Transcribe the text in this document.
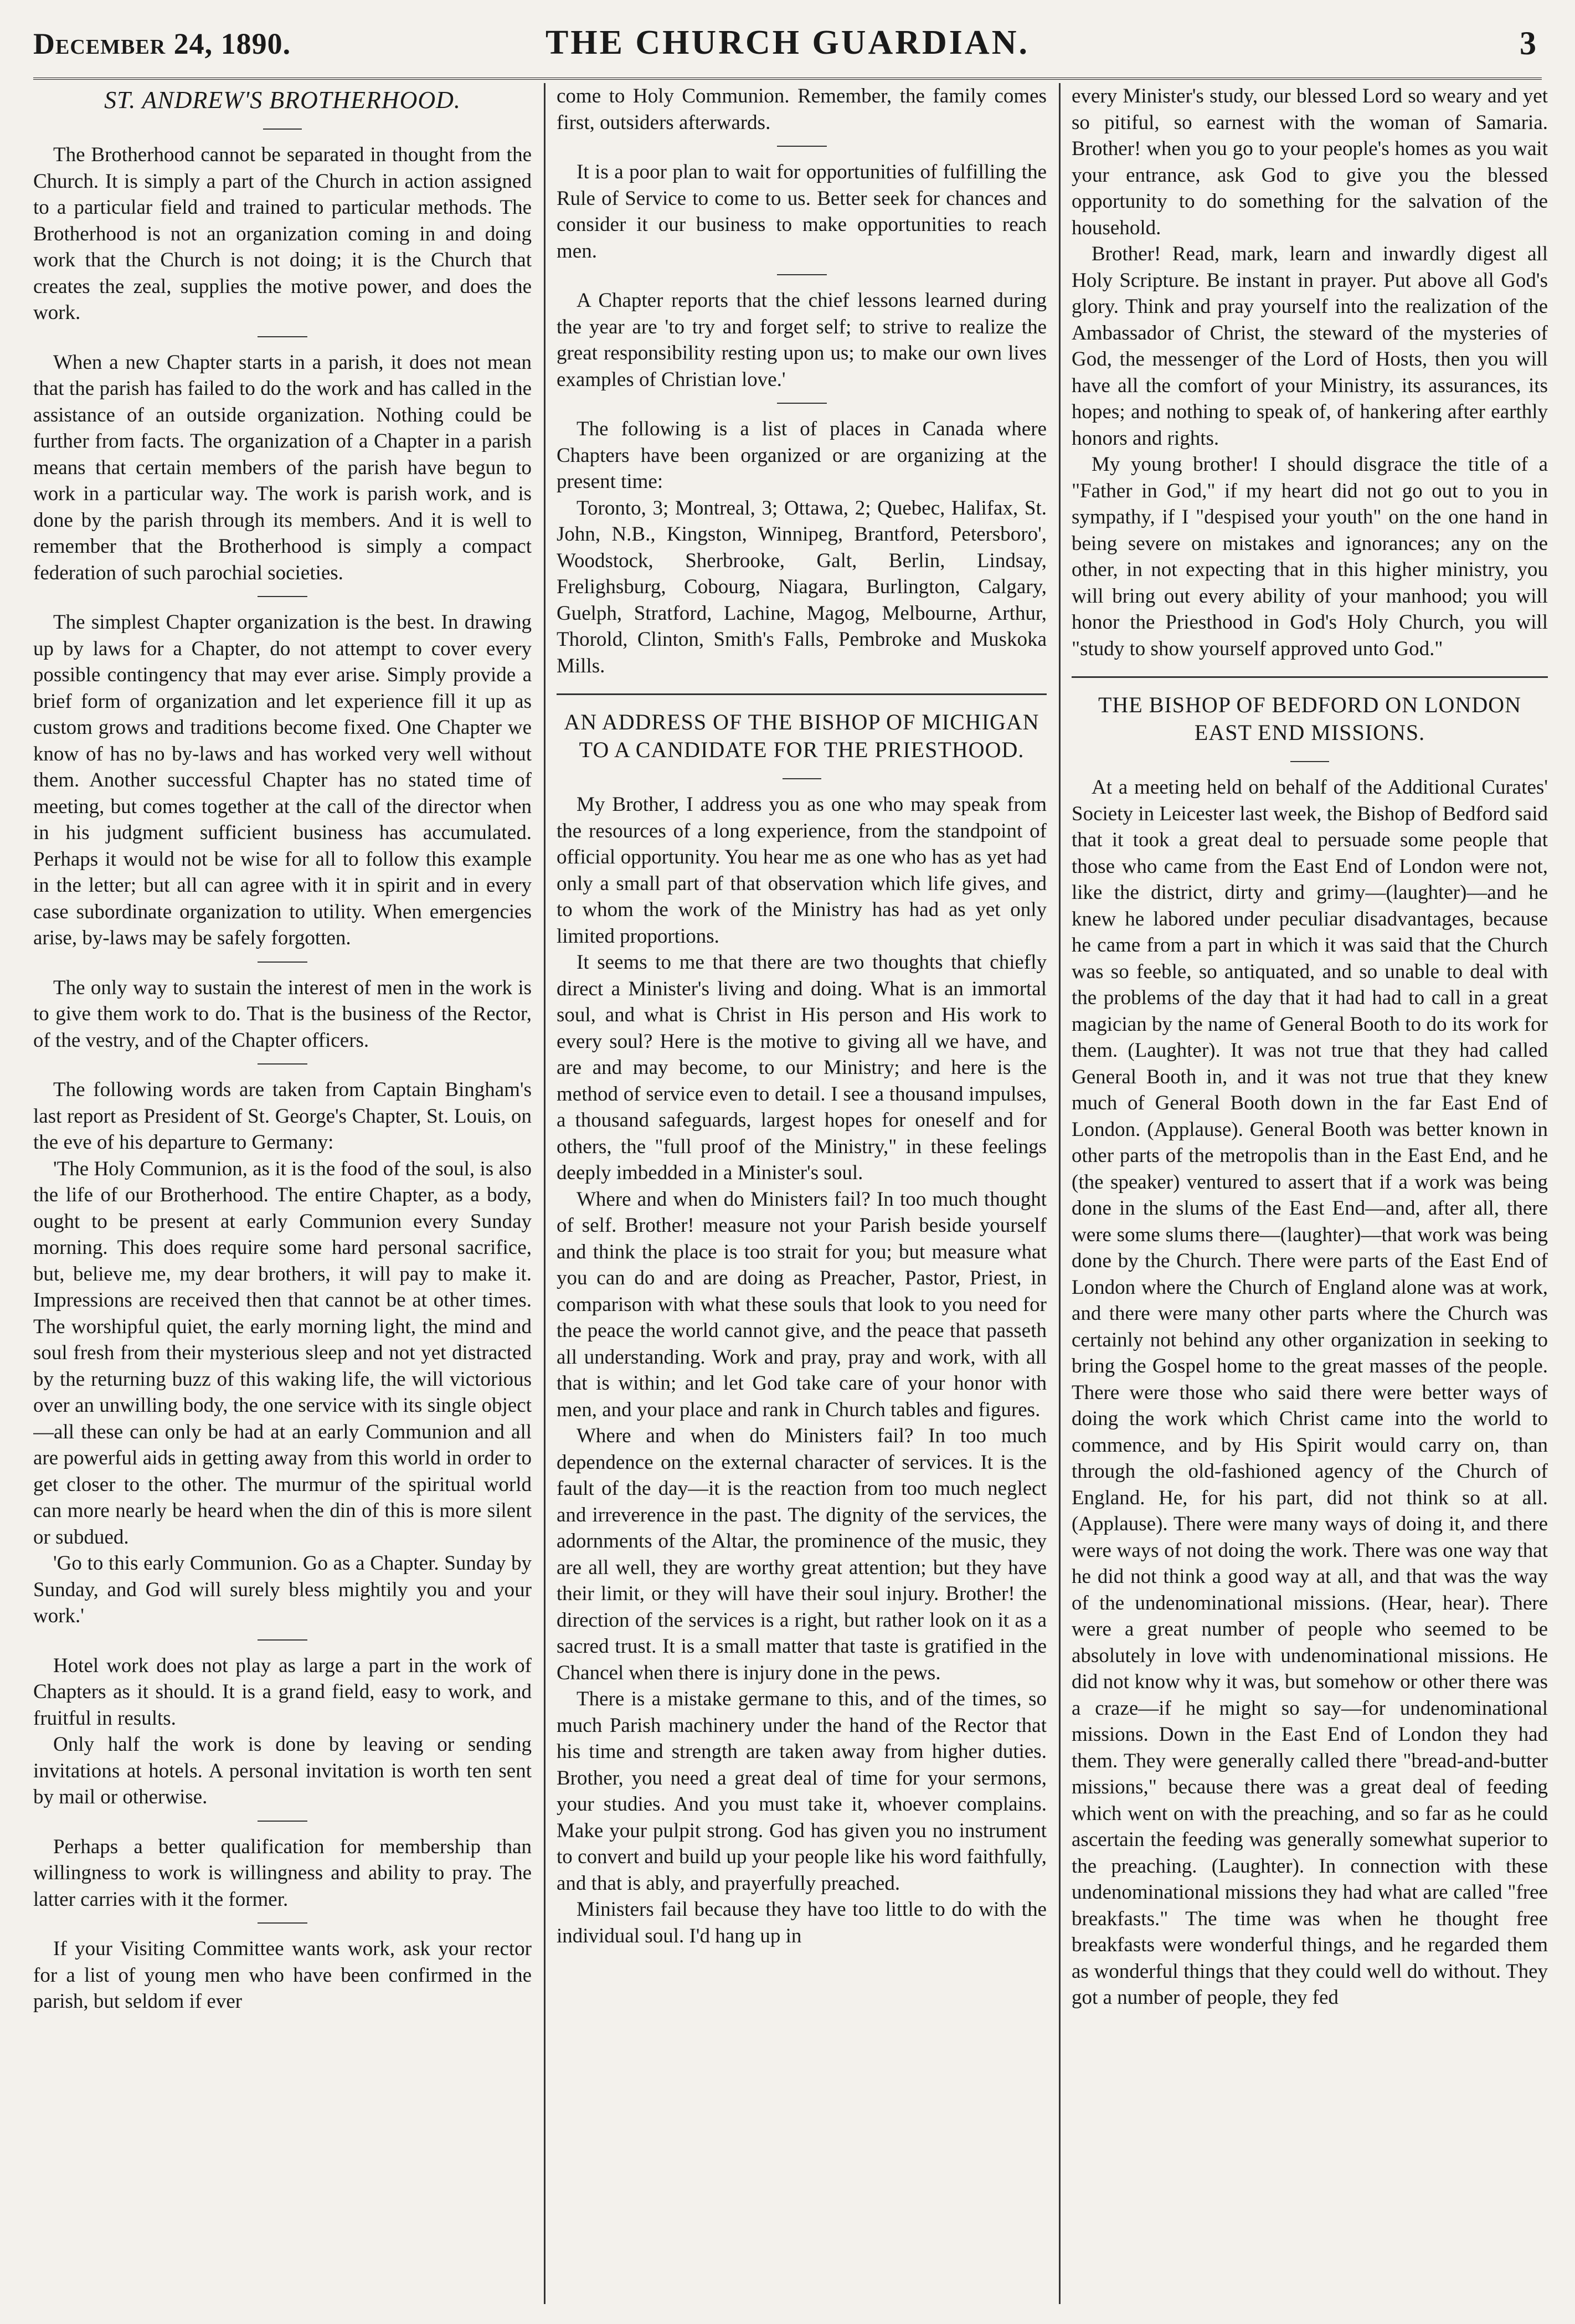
December 24, 1890.	THE CHURCH GUARDIAN.	3
ST. ANDREW'S BROTHERHOOD.

The Brotherhood cannot be separated in thought from the Church. It is simply a part of the Church in action assigned to a particular field and trained to particular methods. The Brotherhood is not an organization coming in and doing work that the Church is not doing; it is the Church that creates the zeal, supplies the motive power, and does the work.

When a new Chapter starts in a parish, it does not mean that the parish has failed to do the work and has called in the assistance of an outside organization. Nothing could be further from facts. The organization of a Chapter in a parish means that certain members of the parish have begun to work in a particular way. The work is parish work, and is done by the parish through its members. And it is well to remember that the Brotherhood is simply a compact federation of such parochial societies.

The simplest Chapter organization is the best. In drawing up by laws for a Chapter, do not attempt to cover every possible contingency that may ever arise. Simply provide a brief form of organization and let experience fill it up as custom grows and traditions become fixed. One Chapter we know of has no by-laws and has worked very well without them. Another successful Chapter has no stated time of meeting, but comes together at the call of the director when in his judgment sufficient business has accumulated. Perhaps it would not be wise for all to follow this example in the letter; but all can agree with it in spirit and in every case subordinate organization to utility. When emergencies arise, by-laws may be safely forgotten.

The only way to sustain the interest of men in the work is to give them work to do. That is the business of the Rector, of the vestry, and of the Chapter officers.

The following words are taken from Captain Bingham's last report as President of St. George's Chapter, St. Louis, on the eve of his departure to Germany:

'The Holy Communion, as it is the food of the soul, is also the life of our Brotherhood. The entire Chapter, as a body, ought to be present at early Communion every Sunday morning. This does require some hard personal sacrifice, but, believe me, my dear brothers, it will pay to make it. Impressions are received then that cannot be at other times. The worshipful quiet, the early morning light, the mind and soul fresh from their mysterious sleep and not yet distracted by the returning buzz of this waking life, the will victorious over an unwilling body, the one service with its single object—all these can only be had at an early Communion and all are powerful aids in getting away from this world in order to get closer to the other. The murmur of the spiritual world can more nearly be heard when the din of this is more silent or subdued.

'Go to this early Communion. Go as a Chapter. Sunday by Sunday, and God will surely bless mightily you and your work.'

Hotel work does not play as large a part in the work of Chapters as it should. It is a grand field, easy to work, and fruitful in results.

Only half the work is done by leaving or sending invitations at hotels. A personal invitation is worth ten sent by mail or otherwise.

Perhaps a better qualification for membership than willingness to work is willingness and ability to pray. The latter carries with it the former.

If your Visiting Committee wants work, ask your rector for a list of young men who have been confirmed in the parish, but seldom if ever

come to Holy Communion. Remember, the family comes first, outsiders afterwards.

It is a poor plan to wait for opportunities of fulfilling the Rule of Service to come to us. Better seek for chances and consider it our business to make opportunities to reach men.

A Chapter reports that the chief lessons learned during the year are 'to try and forget self; to strive to realize the great responsibility resting upon us; to make our own lives examples of Christian love.'

The following is a list of places in Canada where Chapters have been organized or are organizing at the present time:

Toronto, 3; Montreal, 3; Ottawa, 2; Quebec, Halifax, St. John, N.B., Kingston, Winnipeg, Brantford, Petersboro', Woodstock, Sherbrooke, Galt, Berlin, Lindsay, Frelighsburg, Cobourg, Niagara, Burlington, Calgary, Guelph, Stratford, Lachine, Magog, Melbourne, Arthur, Thorold, Clinton, Smith's Falls, Pembroke and Muskoka Mills.

AN ADDRESS OF THE BISHOP OF MICHIGAN TO A CANDIDATE FOR THE PRIESTHOOD.

My Brother, I address you as one who may speak from the resources of a long experience, from the standpoint of official opportunity. You hear me as one who has as yet had only a small part of that observation which life gives, and to whom the work of the Ministry has had as yet only limited proportions.

It seems to me that there are two thoughts that chiefly direct a Minister's living and doing. What is an immortal soul, and what is Christ in His person and His work to every soul? Here is the motive to giving all we have, and are and may become, to our Ministry; and here is the method of service even to detail. I see a thousand impulses, a thousand safeguards, largest hopes for oneself and for others, the "full proof of the Ministry," in these feelings deeply imbedded in a Minister's soul.

Where and when do Ministers fail? In too much thought of self. Brother! measure not your Parish beside yourself and think the place is too strait for you; but measure what you can do and are doing as Preacher, Pastor, Priest, in comparison with what these souls that look to you need for the peace the world cannot give, and the peace that passeth all understanding. Work and pray, pray and work, with all that is within; and let God take care of your honor with men, and your place and rank in Church tables and figures.

Where and when do Ministers fail? In too much dependence on the external character of services. It is the fault of the day—it is the reaction from too much neglect and irreverence in the past. The dignity of the services, the adornments of the Altar, the prominence of the music, they are all well, they are worthy great attention; but they have their limit, or they will have their soul injury. Brother! the direction of the services is a right, but rather look on it as a sacred trust. It is a small matter that taste is gratified in the Chancel when there is injury done in the pews.

There is a mistake germane to this, and of the times, so much Parish machinery under the hand of the Rector that his time and strength are taken away from higher duties. Brother, you need a great deal of time for your sermons, your studies. And you must take it, whoever complains. Make your pulpit strong. God has given you no instrument to convert and build up your people like his word faithfully, and that is ably, and prayerfully preached.

Ministers fail because they have too little to do with the individual soul. I'd hang up in

every Minister's study, our blessed Lord so weary and yet so pitiful, so earnest with the woman of Samaria. Brother! when you go to your people's homes as you wait your entrance, ask God to give you the blessed opportunity to do something for the salvation of the household.

Brother! Read, mark, learn and inwardly digest all Holy Scripture. Be instant in prayer. Put above all God's glory. Think and pray yourself into the realization of the Ambassador of Christ, the steward of the mysteries of God, the messenger of the Lord of Hosts, then you will have all the comfort of your Ministry, its assurances, its hopes; and nothing to speak of, of hankering after earthly honors and rights.

My young brother! I should disgrace the title of a "Father in God," if my heart did not go out to you in sympathy, if I "despised your youth" on the one hand in being severe on mistakes and ignorances; any on the other, in not expecting that in this higher ministry, you will bring out every ability of your manhood; you will honor the Priesthood in God's Holy Church, you will "study to show yourself approved unto God."

THE BISHOP OF BEDFORD ON LONDON EAST END MISSIONS.

At a meeting held on behalf of the Additional Curates' Society in Leicester last week, the Bishop of Bedford said that it took a great deal to persuade some people that those who came from the East End of London were not, like the district, dirty and grimy—(laughter)—and he knew he labored under peculiar disadvantages, because he came from a part in which it was said that the Church was so feeble, so antiquated, and so unable to deal with the problems of the day that it had had to call in a great magician by the name of General Booth to do its work for them. (Laughter). It was not true that they had called General Booth in, and it was not true that they knew much of General Booth down in the far East End of London. (Applause). General Booth was better known in other parts of the metropolis than in the East End, and he (the speaker) ventured to assert that if a work was being done in the slums of the East End—and, after all, there were some slums there—(laughter)—that work was being done by the Church. There were parts of the East End of London where the Church of England alone was at work, and there were many other parts where the Church was certainly not behind any other organization in seeking to bring the Gospel home to the great masses of the people. There were those who said there were better ways of doing the work which Christ came into the world to commence, and by His Spirit would carry on, than through the old-fashioned agency of the Church of England. He, for his part, did not think so at all. (Applause). There were many ways of doing it, and there were ways of not doing the work. There was one way that he did not think a good way at all, and that was the way of the undenominational missions. (Hear, hear). There were a great number of people who seemed to be absolutely in love with undenominational missions. He did not know why it was, but somehow or other there was a craze—if he might so say—for undenominational missions. Down in the East End of London they had them. They were generally called there "bread-and-butter missions," because there was a great deal of feeding which went on with the preaching, and so far as he could ascertain the feeding was generally somewhat superior to the preaching. (Laughter). In connection with these undenominational missions they had what are called "free breakfasts." The time was when he thought free breakfasts were wonderful things, and he regarded them as wonderful things that they could well do without. They got a number of people, they fed
